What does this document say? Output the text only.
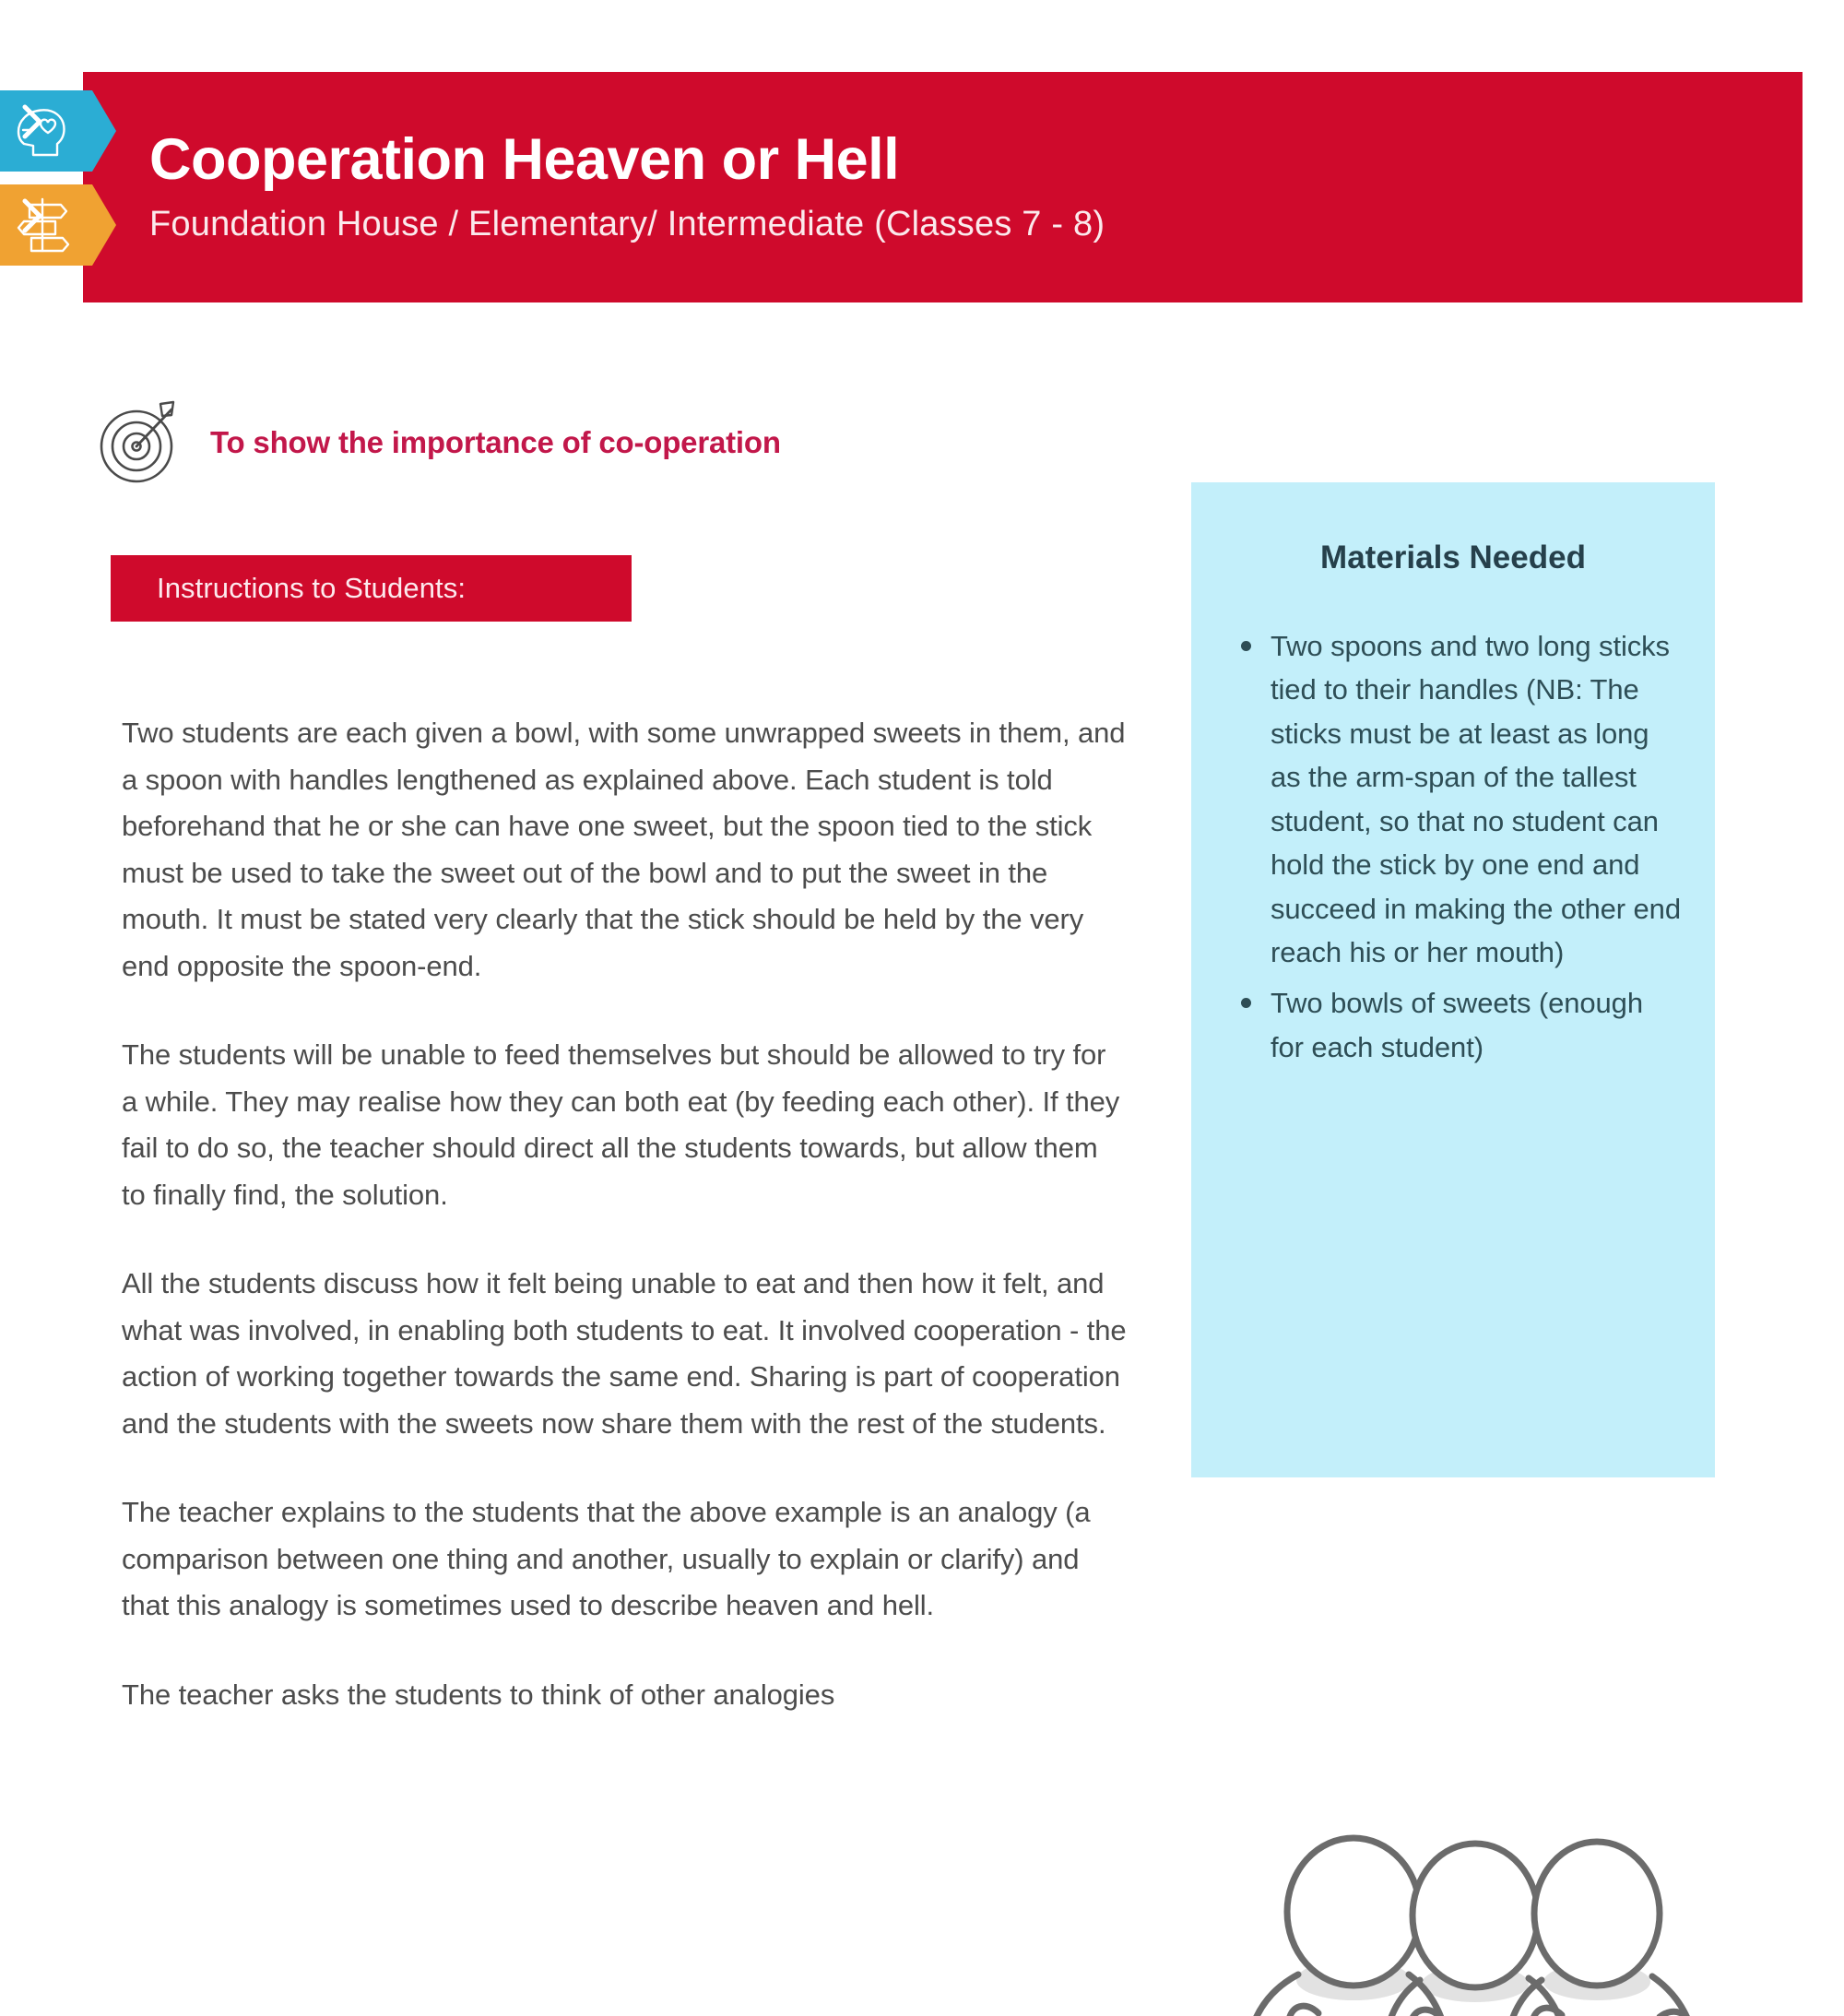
Cooperation Heaven or Hell
Foundation House / Elementary/ Intermediate (Classes 7 - 8)
To show the importance of co-operation
Instructions to Students:

Two students are each given a bowl, with some unwrapped sweets in them, and a spoon with handles lengthened as explained above. Each student is told beforehand that he or she can have one sweet, but the spoon tied to the stick must be used to take the sweet out of the bowl and to put the sweet in the mouth. It must be stated very clearly that the stick should be held by the very end opposite the spoon-end.

The students will be unable to feed themselves but should be allowed to try for a while. They may realise how they can both eat (by feeding each other). If they fail to do so, the teacher should direct all the students towards, but allow them to finally find, the solution.

All the students discuss how it felt being unable to eat and then how it felt, and what was involved, in enabling both students to eat. It involved cooperation - the action of working together towards the same end. Sharing is part of cooperation and the students with the sweets now share them with the rest of the students.

The teacher explains to the students that the above example is an analogy (a comparison between one thing and another, usually to explain or clarify) and that this analogy is sometimes used to describe heaven and hell.

The teacher asks the students to think of other analogies

Materials Needed
Two spoons and two long sticks tied to their handles (NB: The sticks must be at least as long as the arm-span of the tallest student, so that no student can hold the stick by one end and succeed in making the other end reach his or her mouth)
Two bowls of sweets (enough for each student)
